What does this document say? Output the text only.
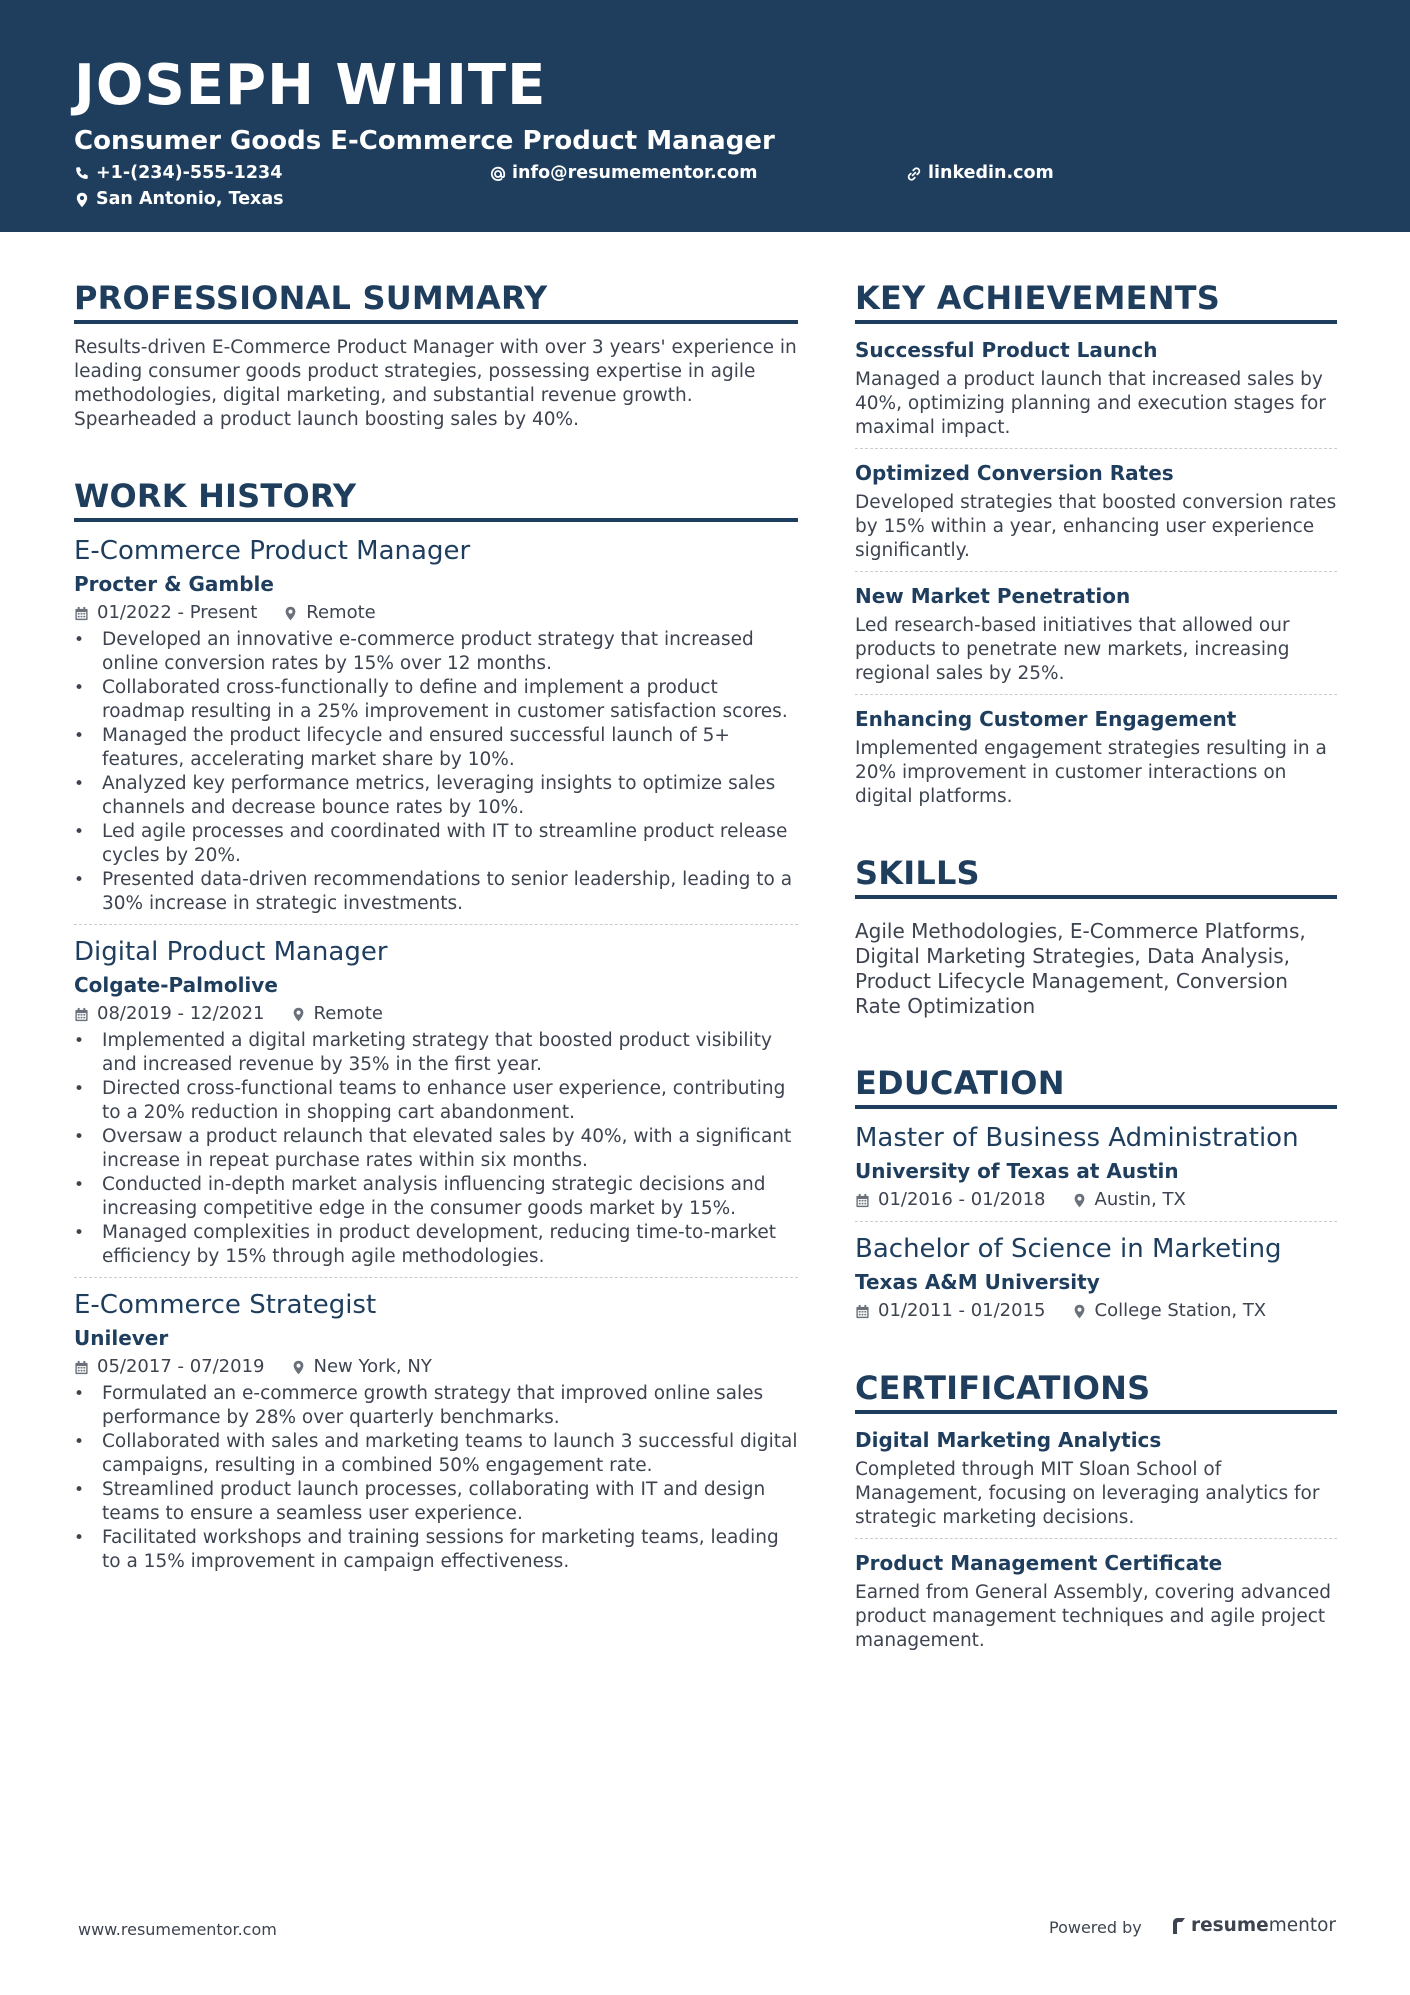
JOSEPH WHITE
Consumer Goods E-Commerce Product Manager
+1-(234)-555-1234	info@resumementor.com	linkedin.com
San Antonio, Texas
PROFESSIONAL SUMMARY

Results-driven E-Commerce Product Manager with over 3 years' experience in leading consumer goods product strategies, possessing expertise in agile methodologies, digital marketing, and substantial revenue growth. Spearheaded a product launch boosting sales by 40%.

WORK HISTORY
E-Commerce Product Manager
Procter & Gamble
01/2022 - Present	Remote
• Developed an innovative e-commerce product strategy that increased online conversion rates by 15% over 12 months.
• Collaborated cross-functionally to define and implement a product roadmap resulting in a 25% improvement in customer satisfaction scores.
• Managed the product lifecycle and ensured successful launch of 5+ features, accelerating market share by 10%.
• Analyzed key performance metrics, leveraging insights to optimize sales channels and decrease bounce rates by 10%.
• Led agile processes and coordinated with IT to streamline product release cycles by 20%.
• Presented data-driven recommendations to senior leadership, leading to a 30% increase in strategic investments.
Digital Product Manager
Colgate-Palmolive
08/2019 - 12/2021	Remote
• Implemented a digital marketing strategy that boosted product visibility and increased revenue by 35% in the first year.
• Directed cross-functional teams to enhance user experience, contributing to a 20% reduction in shopping cart abandonment.
• Oversaw a product relaunch that elevated sales by 40%, with a significant increase in repeat purchase rates within six months.
• Conducted in-depth market analysis influencing strategic decisions and increasing competitive edge in the consumer goods market by 15%.
• Managed complexities in product development, reducing time-to-market efficiency by 15% through agile methodologies.
E-Commerce Strategist
Unilever
05/2017 - 07/2019	New York, NY
• Formulated an e-commerce growth strategy that improved online sales performance by 28% over quarterly benchmarks.
• Collaborated with sales and marketing teams to launch 3 successful digital campaigns, resulting in a combined 50% engagement rate.
• Streamlined product launch processes, collaborating with IT and design teams to ensure a seamless user experience.
• Facilitated workshops and training sessions for marketing teams, leading to a 15% improvement in campaign effectiveness.
KEY ACHIEVEMENTS
Successful Product Launch
Managed a product launch that increased sales by 40%, optimizing planning and execution stages for maximal impact.
Optimized Conversion Rates
Developed strategies that boosted conversion rates by 15% within a year, enhancing user experience significantly.
New Market Penetration
Led research-based initiatives that allowed our products to penetrate new markets, increasing regional sales by 25%.
Enhancing Customer Engagement
Implemented engagement strategies resulting in a 20% improvement in customer interactions on digital platforms.
SKILLS

Agile Methodologies, E-Commerce Platforms, Digital Marketing Strategies, Data Analysis, Product Lifecycle Management, Conversion Rate Optimization

EDUCATION
Master of Business Administration
University of Texas at Austin
01/2016 - 01/2018	Austin, TX
Bachelor of Science in Marketing
Texas A&M University
01/2011 - 01/2015	College Station, TX
CERTIFICATIONS
Digital Marketing Analytics
Completed through MIT Sloan School of Management, focusing on leveraging analytics for strategic marketing decisions.
Product Management Certificate
Earned from General Assembly, covering advanced product management techniques and agile project management.
www.resumementor.com	Powered by	resumementor
